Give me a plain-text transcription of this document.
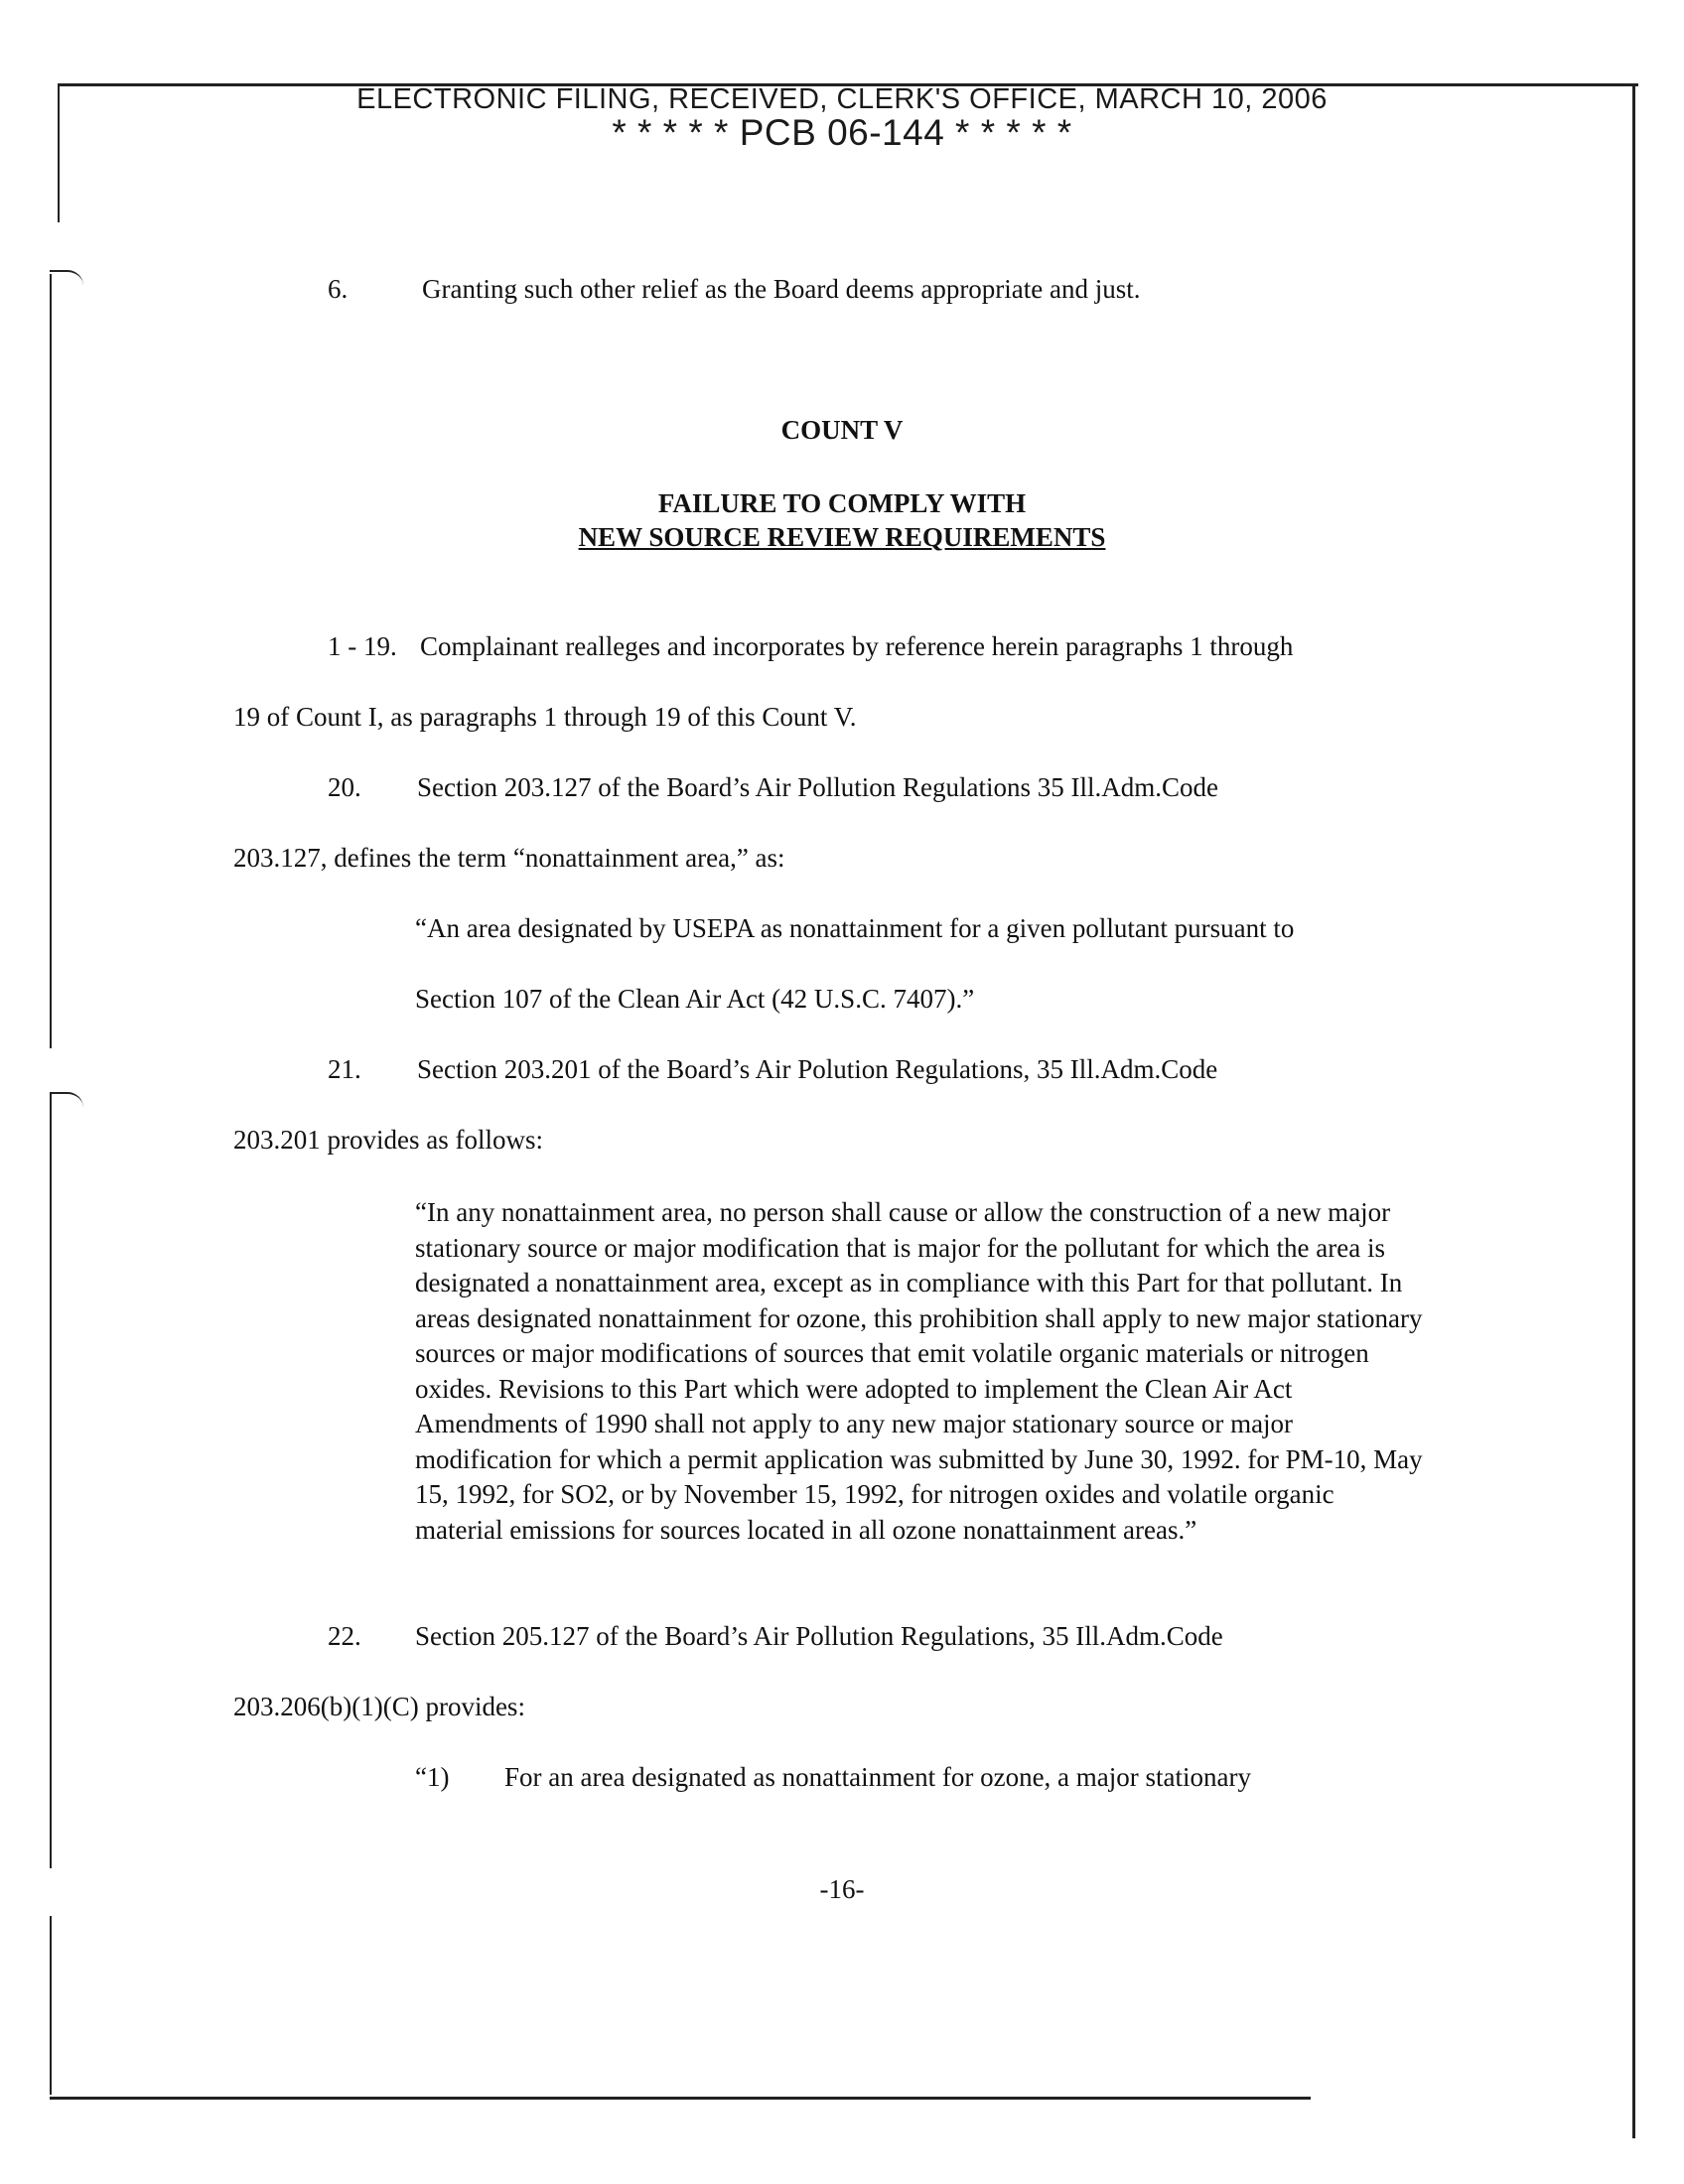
ELECTRONIC FILING, RECEIVED, CLERK'S OFFICE, MARCH 10, 2006
* * * * * PCB 06-144 * * * * *
6.	Granting such other relief as the Board deems appropriate and just.
COUNT V
FAILURE TO COMPLY WITH
NEW SOURCE REVIEW REQUIREMENTS
1 - 19. Complainant realleges and incorporates by reference herein paragraphs 1 through
19 of Count I, as paragraphs 1 through 19 of this Count V.
20. Section 203.127 of the Board’s Air Pollution Regulations 35 Ill.Adm.Code
203.127, defines the term “nonattainment area,” as:
“An area designated by USEPA as nonattainment for a given pollutant pursuant to
Section 107 of the Clean Air Act (42 U.S.C. 7407).”
21. Section 203.201 of the Board’s Air Polution Regulations, 35 Ill.Adm.Code
203.201 provides as follows:
“In any nonattainment area, no person shall cause or allow the construction of a new major stationary source or major modification that is major for the pollutant for which the area is designated a nonattainment area, except as in compliance with this Part for that pollutant. In areas designated nonattainment for ozone, this prohibition shall apply to new major stationary sources or major modifications of sources that emit volatile organic materials or nitrogen oxides. Revisions to this Part which were adopted to implement the Clean Air Act Amendments of 1990 shall not apply to any new major stationary source or major modification for which a permit application was submitted by June 30, 1992. for PM-10, May 15, 1992, for SO2, or by November 15, 1992, for nitrogen oxides and volatile organic material emissions for sources located in all ozone nonattainment areas.”
22. Section 205.127 of the Board’s Air Pollution Regulations, 35 Ill.Adm.Code
203.206(b)(1)(C) provides:
“1) For an area designated as nonattainment for ozone, a major stationary
-16-
